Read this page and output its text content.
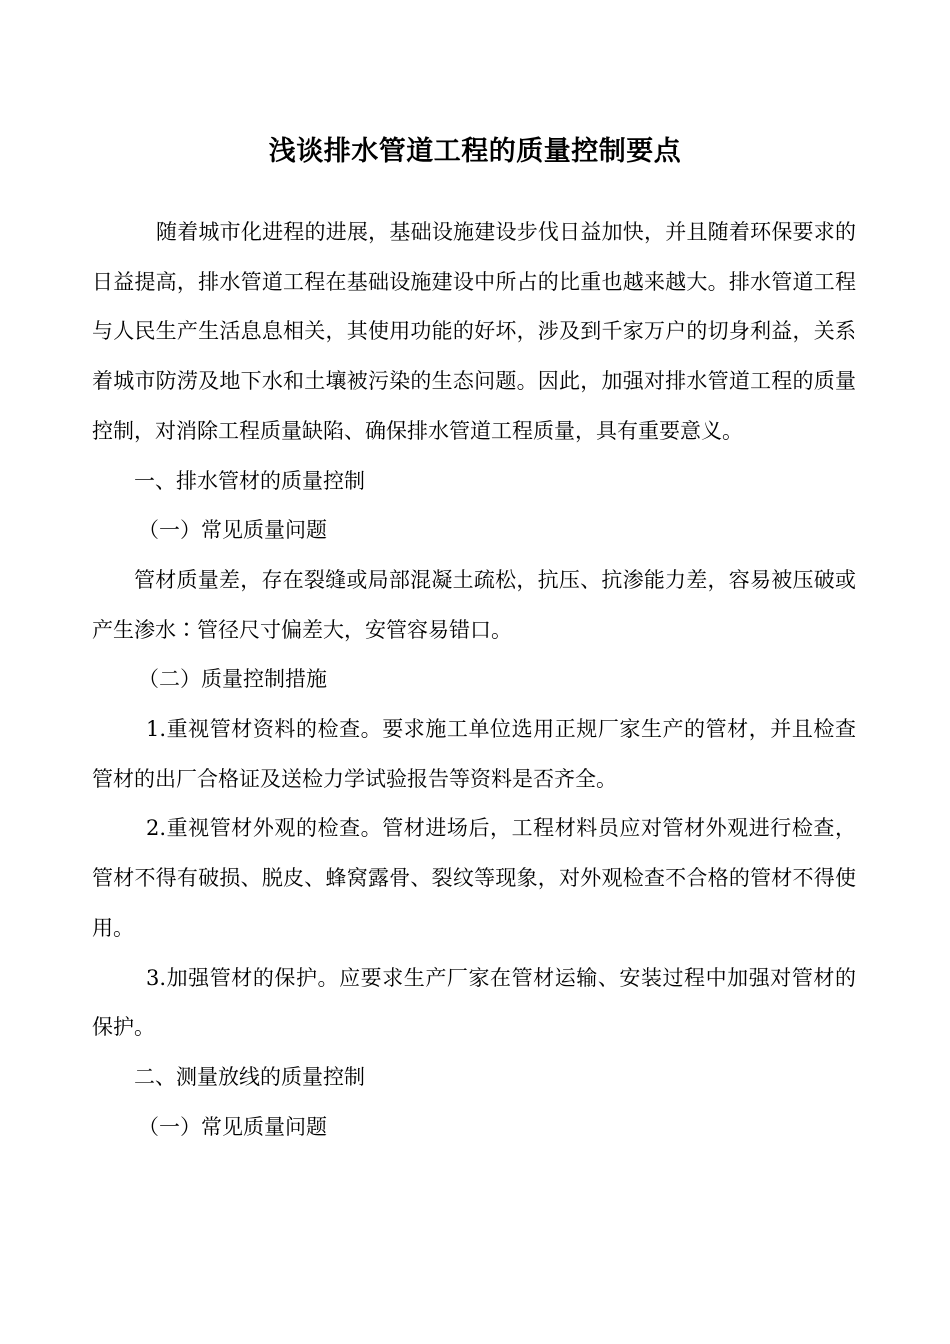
浅谈排水管道工程的质量控制要点

随着城市化进程的进展，基础设施建设步伐日益加快，并且随着环保要求的日益提高，排水管道工程在基础设施建设中所占的比重也越来越大。排水管道工程与人民生产生活息息相关，其使用功能的好坏，涉及到千家万户的切身利益，关系着城市防涝及地下水和土壤被污染的生态问题。因此，加强对排水管道工程的质量控制，对消除工程质量缺陷、确保排水管道工程质量，具有重要意义。

一、排水管材的质量控制

（一）常见质量问题

管材质量差，存在裂缝或局部混凝土疏松，抗压、抗渗能力差，容易被压破或产生渗水∶管径尺寸偏差大，安管容易错口。

（二）质量控制措施

1.重视管材资料的检查。要求施工单位选用正规厂家生产的管材，并且检查管材的出厂合格证及送检力学试验报告等资料是否齐全。

2.重视管材外观的检查。管材进场后，工程材料员应对管材外观进行检查，管材不得有破损、脱皮、蜂窝露骨、裂纹等现象，对外观检查不合格的管材不得使用。

3.加强管材的保护。应要求生产厂家在管材运输、安装过程中加强对管材的保护。

二、测量放线的质量控制

（一）常见质量问题
